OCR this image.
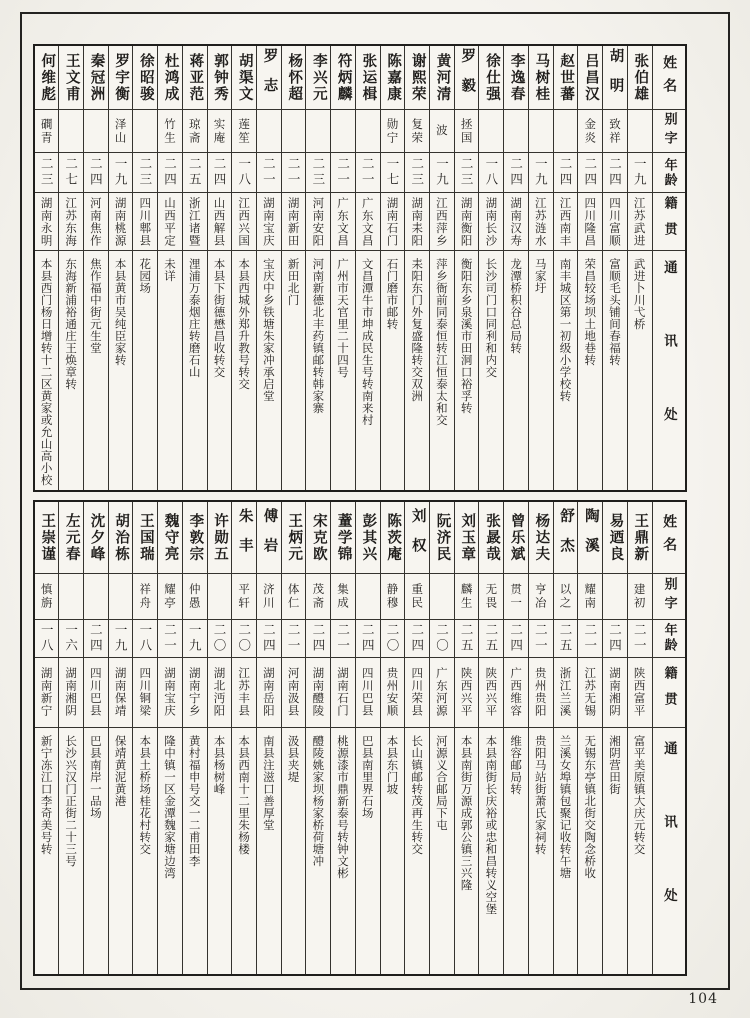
姓名	张伯雄	胡明	吕昌汉	赵世蕃	马树桂	李逸春	徐仕强	罗毅	黄河清	谢熙荣	陈嘉康	张运楫	符炳麟	李兴元	杨怀超	罗志	胡渠文	郭钟秀	蒋亚范	杜鸿成	徐昭骏	罗宇衡	秦冠洲	王文甫	何维彪
别字		致祥	金炎					拯国	波	复荣	勋宁						莲笙	实庵	琼斋	竹生		泽山			磵青
年龄	一九	二四	二四	二四	一九	二四	一八	二三	一九	二三	一七	二一	二一	二三	二一	二一	一八	二四	二五	二四	二三	一九	二四	二七	二三
籍贯	江苏武进	四川富顺	四川隆昌	江西南丰	江苏涟水	湖南汉寿	湖南长沙	湖南衡阳	江西萍乡	湖南耒阳	湖南石门	广东文昌	广东文昌	河南安阳	湖南新田	湖南宝庆	江西兴国	山西解县	浙江诸暨	山西平定	四川郫县	湖南桃源	河南焦作	江苏东海	湖南永明
通讯处	武进卜川弋桥	富顺毛头铺间春福转	荣昌较场坝土地巷转	南丰城区第一初级小学校转	马家圩	龙潭桥积谷总局转	长沙司门口同利和内交	衡阳东乡泉溪市田洞口裕孚转	萍乡衙前同泰恒转江恒泰太和交	耒阳东门外复盛隆转交双洲	石门磨市邮转	文昌潭牛市坤成民生号转南来村	广州市天官里二十四号	河南新德北丰药镇邮转韩家寨	新田北门	宝庆中乡铁塘朱家冲承启堂	本县西城外郑升教号转交	本县下街德懋昌收转交	浬浦万泰烟庄转磨石山	未详	花园场	本县黄市吴纯臣家转	焦作福中街元生堂	东海新浦裕通庄王焕章转	本县西门杨日增转十二区黄家或允山高小校
姓名	王鼎新	易迺良	陶溪	舒杰	杨达夫	曾乐斌	张晸哉	刘玉章	阮济民	刘权	陈茨庵	彭其兴	蕫学锦	宋克欧	王炳元	傅岩	朱丰	许勋五	李敦宗	魏守亮	王国瑞	胡治栋	沈夕峰	左元春	王崇谨
别字	建初		耀南	以之	亨冶	贯一	无畏	麟生		重民	静穆		集成	茂斋	体仁	济川	平轩		仲愚	耀亭	祥舟				慎旃
年龄	二一	二四	二一	二五	二一	二四	二五	二五	二〇	二四	二〇	二四	二一	二四	二一	二四	二〇	二〇	一九	二一	一八	一九	二四	一六	一八
籍贯	陕西富平	湖南湘阴	江苏无锡	浙江兰溪	贵州贵阳	广西维容	陕西兴平	陕西兴平	广东河源	四川荣县	贵州安顺	四川巴县	湖南石门	湖南醴陵	河南汲县	湖南岳阳	江苏丰县	湖北沔阳	湖南宁乡	湖南宝庆	四川铜梁	湖南保靖	四川巴县	湖南湘阴	湖南新宁
通讯处	富平美原镇大庆元转交	湘阴营田街	无锡东亭镇北街交陶念桥收	兰溪女埠镇包聚记收转午塘	贵阳马站街萧氏家祠转	维容邮局转	本县南街长庆裕或忠和昌转义空堡	本县南街万源成郭公镇三兴隆	河源义合邮局下屯	长山镇邮转茂再生转交	本县东门坡	巴县南里界石场	桃源漆市鼎新泰号转钟文彬	醴陵姚家坝杨家桥荷塘冲	汲县夹堤	南县注滋口善厚堂	本县西南十二里朱杨楼	本县杨树峰	黄村福申号交一二甫田李	隆中镇一区金潭魏家塘边湾	本县土桥场桂花村转交	保靖黄泥黄港	巴县南岸一品场	长沙兴汉门正街二十三号	新宁冻江口李奇美号转
104
